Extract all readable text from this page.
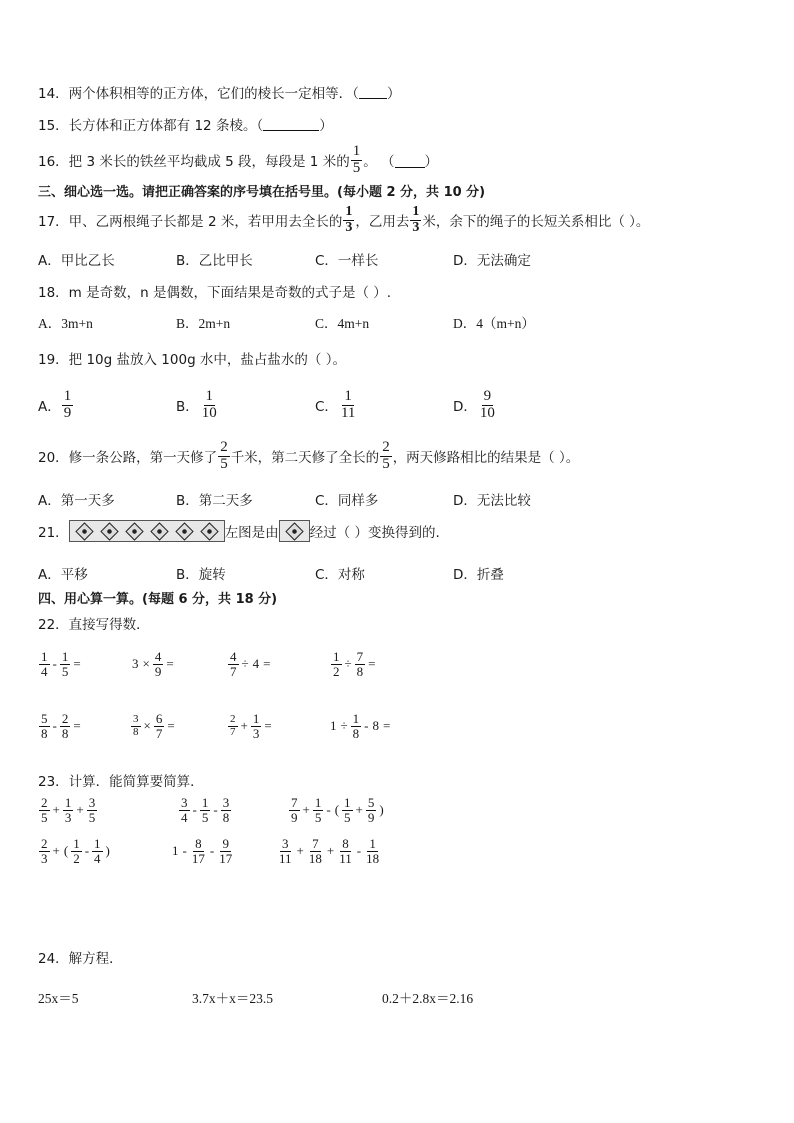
14．两个体积相等的正方体，它们的棱长一定相等．（ ）
15．长方体和正方体都有 12 条棱。（	）
16．把 3 米长的铁丝平均截成 5 段，每段是 1 米的 $\frac{1}{5}$ 。 （ ）
三、细心选一选。请把正确答案的序号填在括号里。(每小题 2 分，共 10 分)
17．甲、乙两根绳子长都是 2 米，若甲用去全长的 $\frac{1}{3}$ ，乙用去 $\frac{1}{3}$ 米，余下的绳子的长短关系相比（ ）。
A．甲比乙长	B．乙比甲长	C．一样长	D．无法确定
18．m 是奇数，n 是偶数，下面结果是奇数的式子是（ ）.
A．3m+n	B．2m+n	C．4m+n	D．4（m+n）
19．把 10g 盐放入 100g 水中，盐占盐水的（ ）。
A． $\frac{1}{9}$	B． $\frac{1}{10}$	C． $\frac{1}{11}$	D． $\frac{9}{10}$
20．修一条公路，第一天修了 $\frac{2}{5}$ 千米，第二天修了全长的 $\frac{2}{5}$ ，两天修路相比的结果是（ ）。
A．第一天多	B．第二天多	C．同样多	D．无法比较
21．	左图是由 经过（ ）变换得到的.
A．平移	B．旋转	C．对称	D．折叠
四、用心算一算。(每题 6 分，共 18 分)
22．直接写得数．
$\frac{1}{4} - \frac{1}{5}$ =	$3 \times \frac{4}{9}$ =	$\frac{4}{7} \div 4$ =	$\frac{1}{2} \div \frac{7}{8}$ =
$\frac{5}{8} - \frac{2}{8}$ =	$\frac{3}{8} \times \frac{6}{7}$ =	$\frac{2}{7} + \frac{1}{3}$ =	$1 \div \frac{1}{8} - 8$ =
23．计算．能简算要简算．
$\frac{2}{5} + \frac{1}{3} + \frac{3}{5}$	$\frac{3}{4} - \frac{1}{5} - \frac{3}{8}$	$\frac{7}{9} + \frac{1}{5}$ - ( $\frac{1}{5} + \frac{5}{9}$ )
$\frac{2}{3}$ + ( $\frac{1}{2} - \frac{1}{4}$ )	$1 - \frac{8}{17} - \frac{9}{17}$	$\frac{3}{11} + \frac{7}{18} + \frac{8}{11} - \frac{1}{18}$
24．解方程．
25x＝5	3.7x＋x＝23.5	0.2＋2.8x＝2.16
